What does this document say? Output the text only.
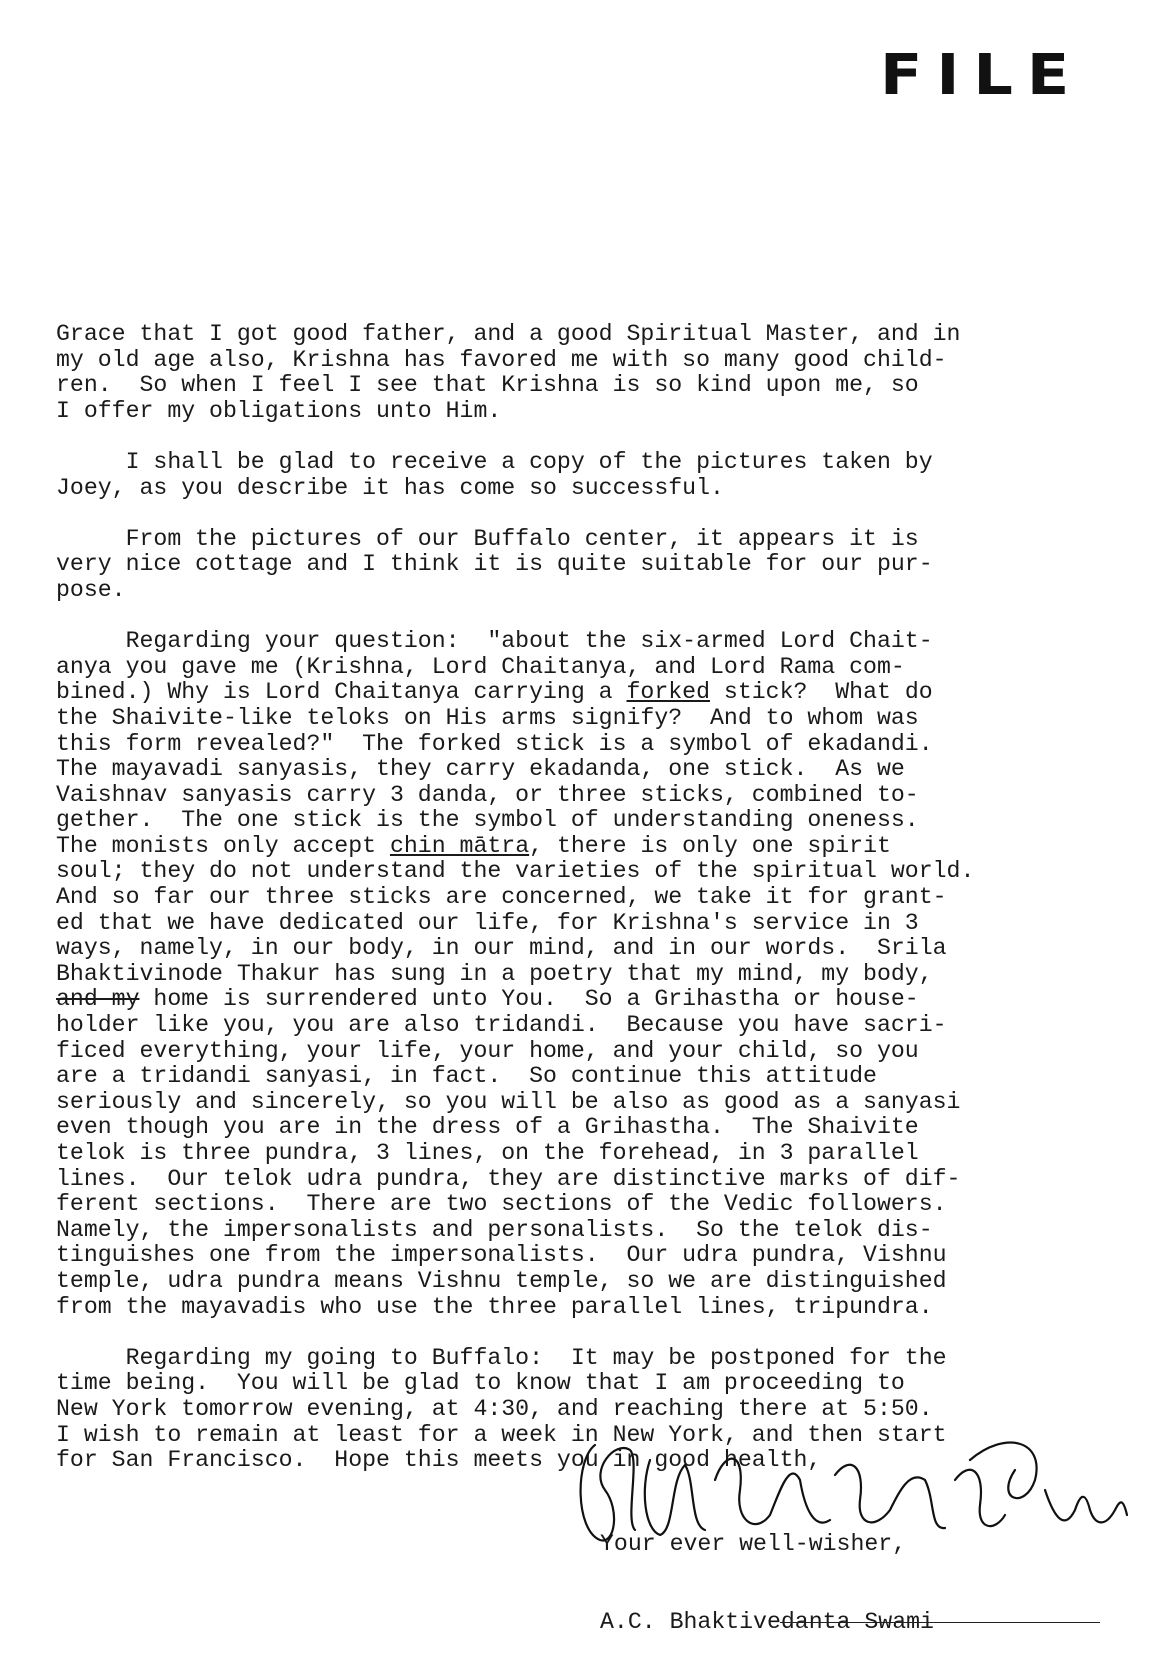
FILE
Grace that I got good father, and a good Spiritual Master, and in
my old age also, Krishna has favored me with so many good child-
ren.  So when I feel I see that Krishna is so kind upon me, so
I offer my obligations unto Him.
I shall be glad to receive a copy of the pictures taken by
Joey, as you describe it has come so successful.
From the pictures of our Buffalo center, it appears it is
very nice cottage and I think it is quite suitable for our pur-
pose.
Regarding your question:  "about the six-armed Lord Chait-
anya you gave me (Krishna, Lord Chaitanya, and Lord Rama com-
bined.) Why is Lord Chaitanya carrying a forked stick?  What do
the Shaivite-like teloks on His arms signify?  And to whom was
this form revealed?"  The forked stick is a symbol of ekadandi.
The mayavadi sanyasis, they carry ekadanda, one stick.  As we
Vaishnav sanyasis carry 3 danda, or three sticks, combined to-
gether.  The one stick is the symbol of understanding oneness.
The monists only accept chin mātra, there is only one spirit
soul; they do not understand the varieties of the spiritual world.
And so far our three sticks are concerned, we take it for grant-
ed that we have dedicated our life, for Krishna's service in 3
ways, namely, in our body, in our mind, and in our words.  Srila
Bhaktivinode Thakur has sung in a poetry that my mind, my body,
and my home is surrendered unto You.  So a Grihastha or house-
holder like you, you are also tridandi.  Because you have sacri-
ficed everything, your life, your home, and your child, so you
are a tridandi sanyasi, in fact.  So continue this attitude
seriously and sincerely, so you will be also as good as a sanyasi
even though you are in the dress of a Grihastha.  The Shaivite
telok is three pundra, 3 lines, on the forehead, in 3 parallel
lines.  Our telok udra pundra, they are distinctive marks of dif-
ferent sections.  There are two sections of the Vedic followers.
Namely, the impersonalists and personalists.  So the telok dis-
tinguishes one from the impersonalists.  Our udra pundra, Vishnu
temple, udra pundra means Vishnu temple, so we are distinguished
from the mayavadis who use the three parallel lines, tripundra.
Regarding my going to Buffalo:  It may be postponed for the
time being.  You will be glad to know that I am proceeding to
New York tomorrow evening, at 4:30, and reaching there at 5:50.
I wish to remain at least for a week in New York, and then start
for San Francisco.  Hope this meets you in good health,

Your ever well-wisher,

A.C. Bhaktivedanta Swami
